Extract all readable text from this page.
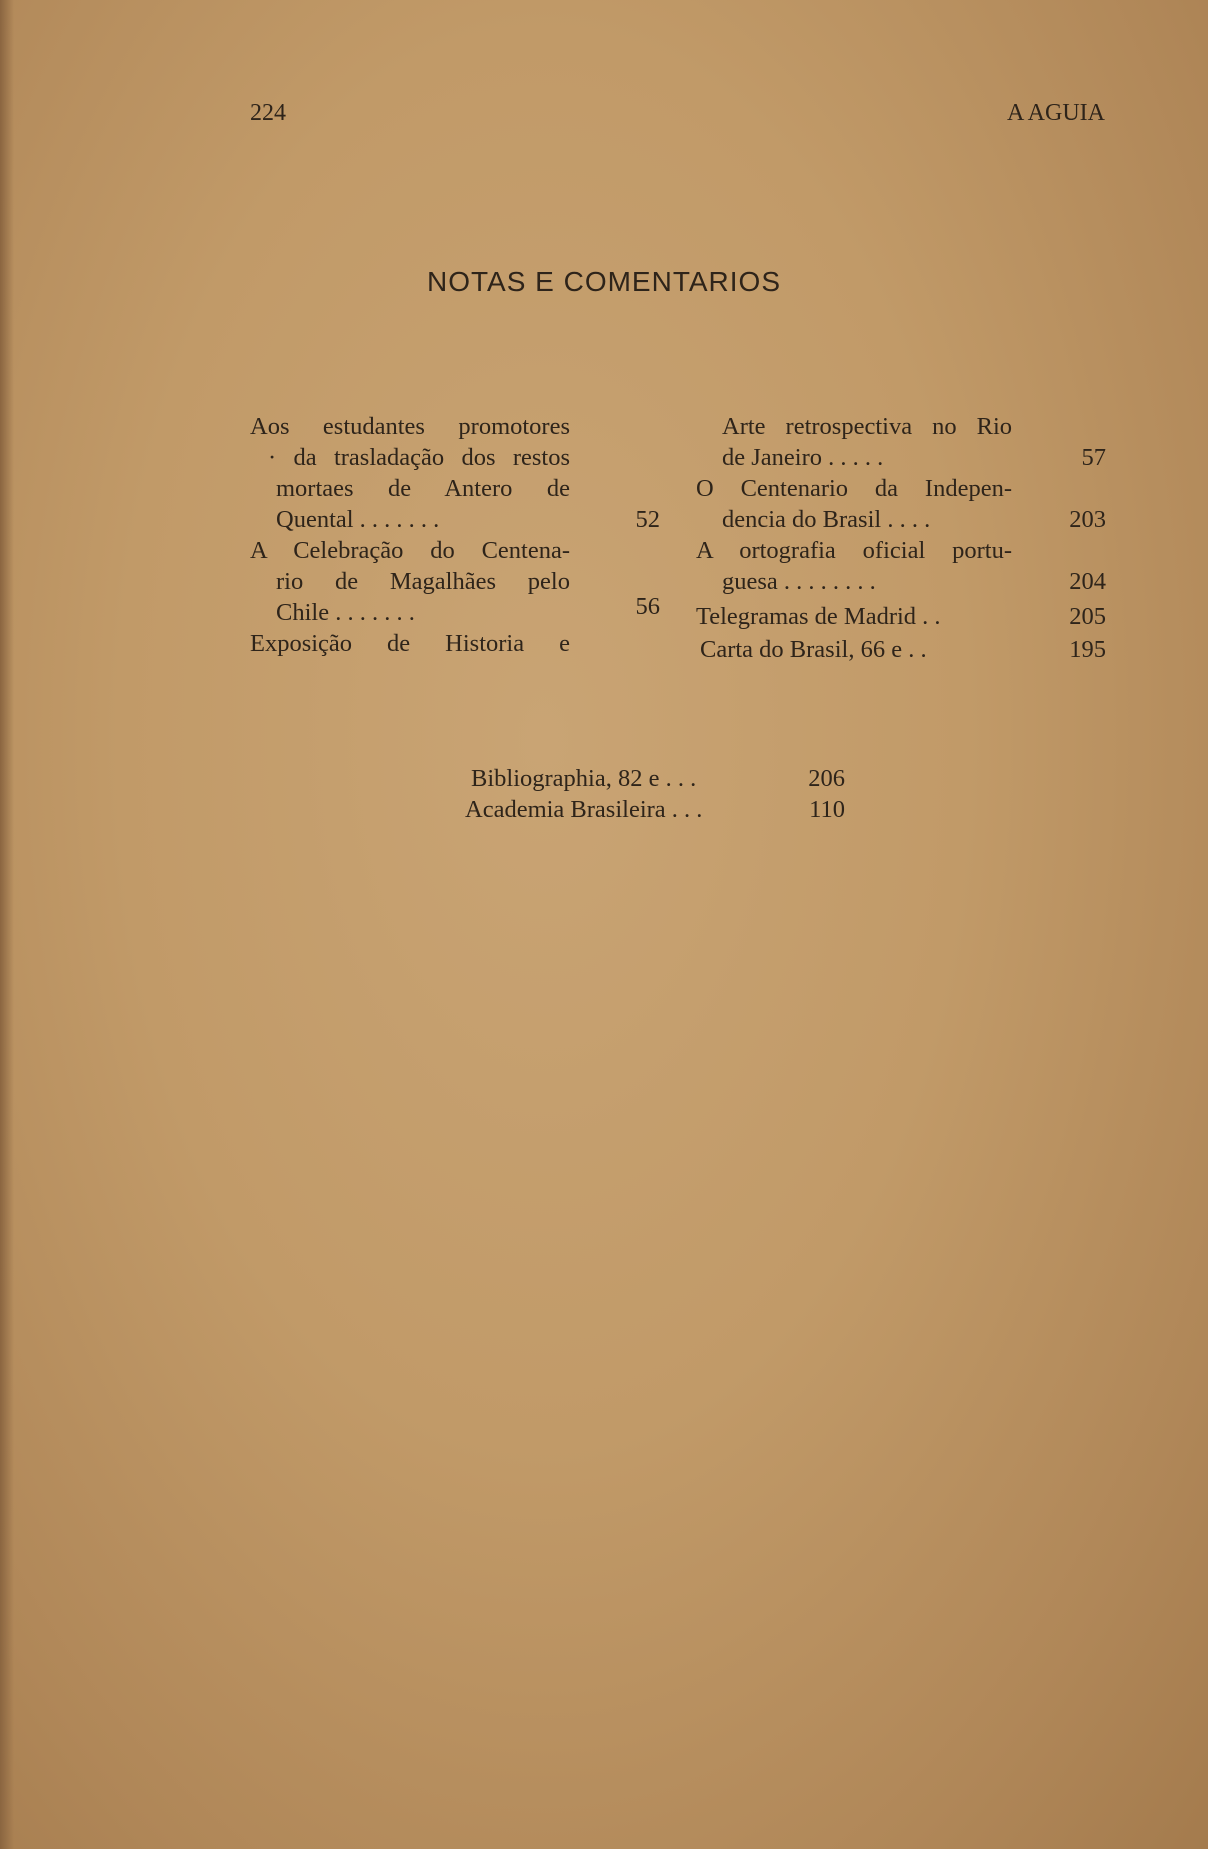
224	A AGUIA
NOTAS E COMENTARIOS
Aos estudantes promotores
· da trasladação dos restos
mortaes de Antero de
Quental . . . . . . .	52
A Celebração do Centena-
rio de Magalhães pelo
Chile . . . . . . .	56
Exposição de Historia e
Arte retrospectiva no Rio
de Janeiro . . . . .	57
O Centenario da Indepen-
dencia do Brasil . . . .	203
A ortografia oficial portu-
guesa . . . . . . . .	204
Telegramas de Madrid . .	205
Carta do Brasil, 66 e . .	195
Bibliographia, 82 e . . .	206
Academia Brasileira . . .	110
